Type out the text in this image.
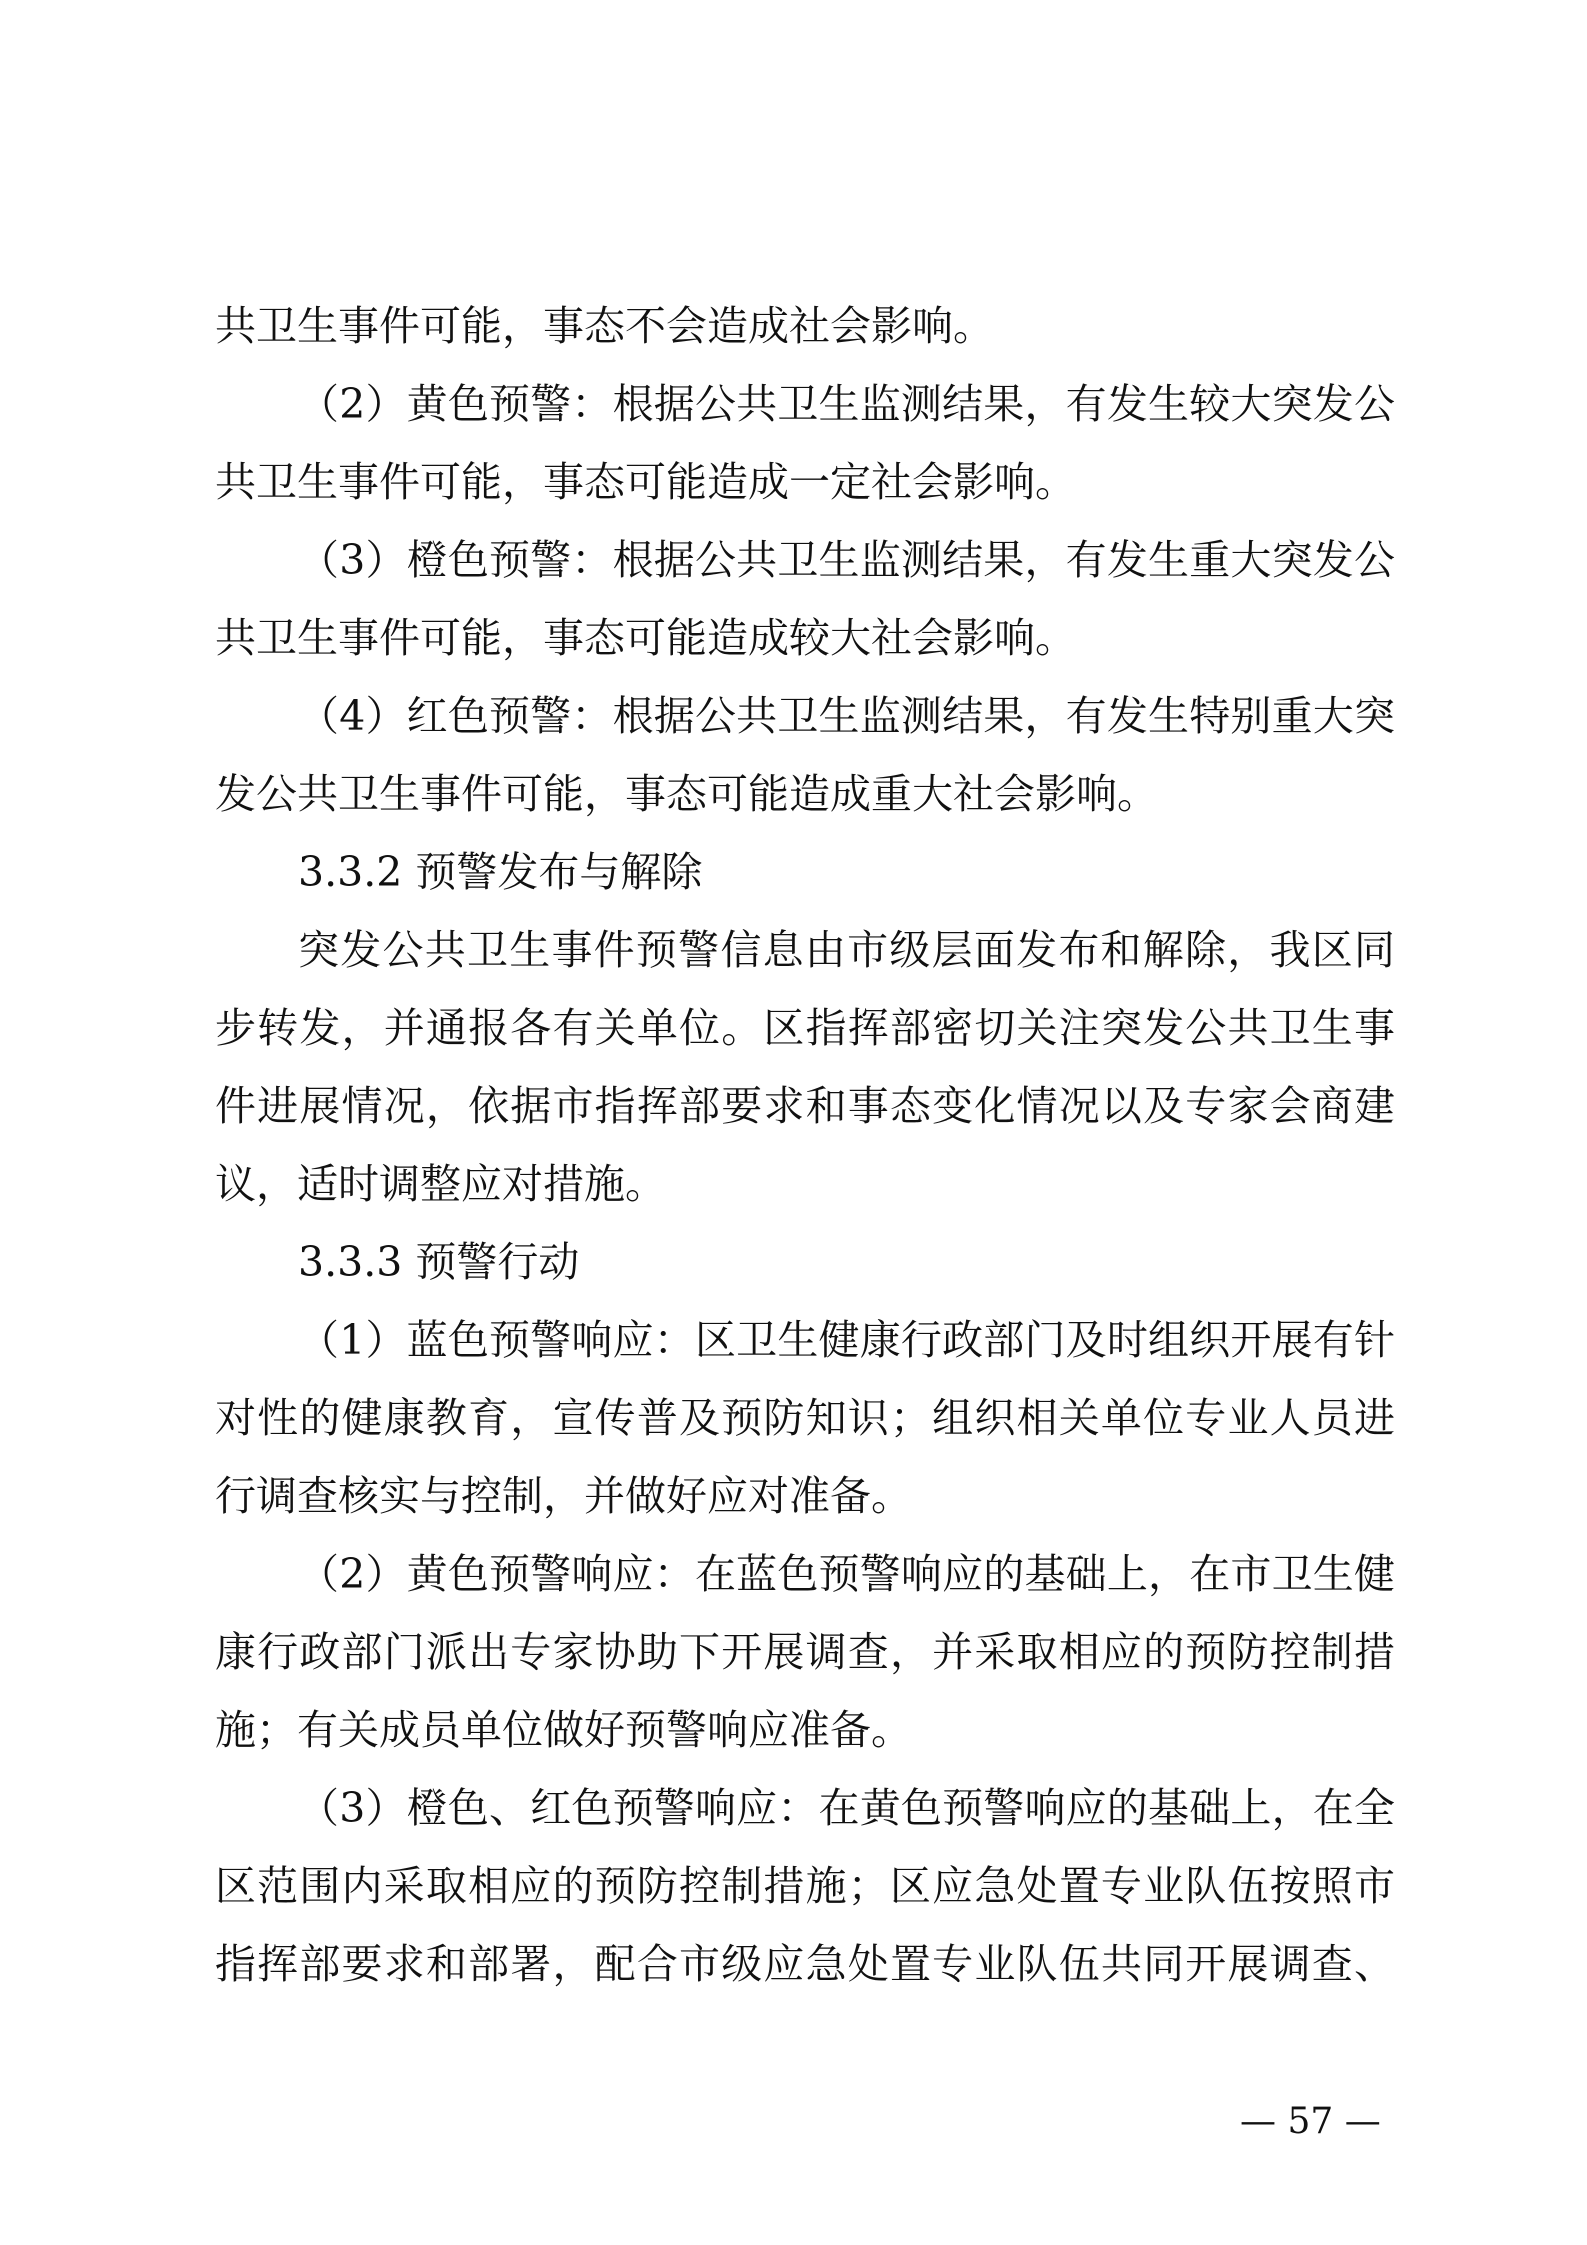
共卫生事件可能，事态不会造成社会影响。
（2）黄色预警：根据公共卫生监测结果，有发生较大突发公
共卫生事件可能，事态可能造成一定社会影响。
（3）橙色预警：根据公共卫生监测结果，有发生重大突发公
共卫生事件可能，事态可能造成较大社会影响。
（4）红色预警：根据公共卫生监测结果，有发生特别重大突
发公共卫生事件可能，事态可能造成重大社会影响。
3.3.2 预警发布与解除
突发公共卫生事件预警信息由市级层面发布和解除，我区同
步转发，并通报各有关单位。区指挥部密切关注突发公共卫生事
件进展情况，依据市指挥部要求和事态变化情况以及专家会商建
议，适时调整应对措施。
3.3.3 预警行动
（1）蓝色预警响应：区卫生健康行政部门及时组织开展有针
对性的健康教育，宣传普及预防知识；组织相关单位专业人员进
行调查核实与控制，并做好应对准备。
（2）黄色预警响应：在蓝色预警响应的基础上，在市卫生健
康行政部门派出专家协助下开展调查，并采取相应的预防控制措
施；有关成员单位做好预警响应准备。
（3）橙色、红色预警响应：在黄色预警响应的基础上，在全
区范围内采取相应的预防控制措施；区应急处置专业队伍按照市
指挥部要求和部署，配合市级应急处置专业队伍共同开展调查、
— 57 —
